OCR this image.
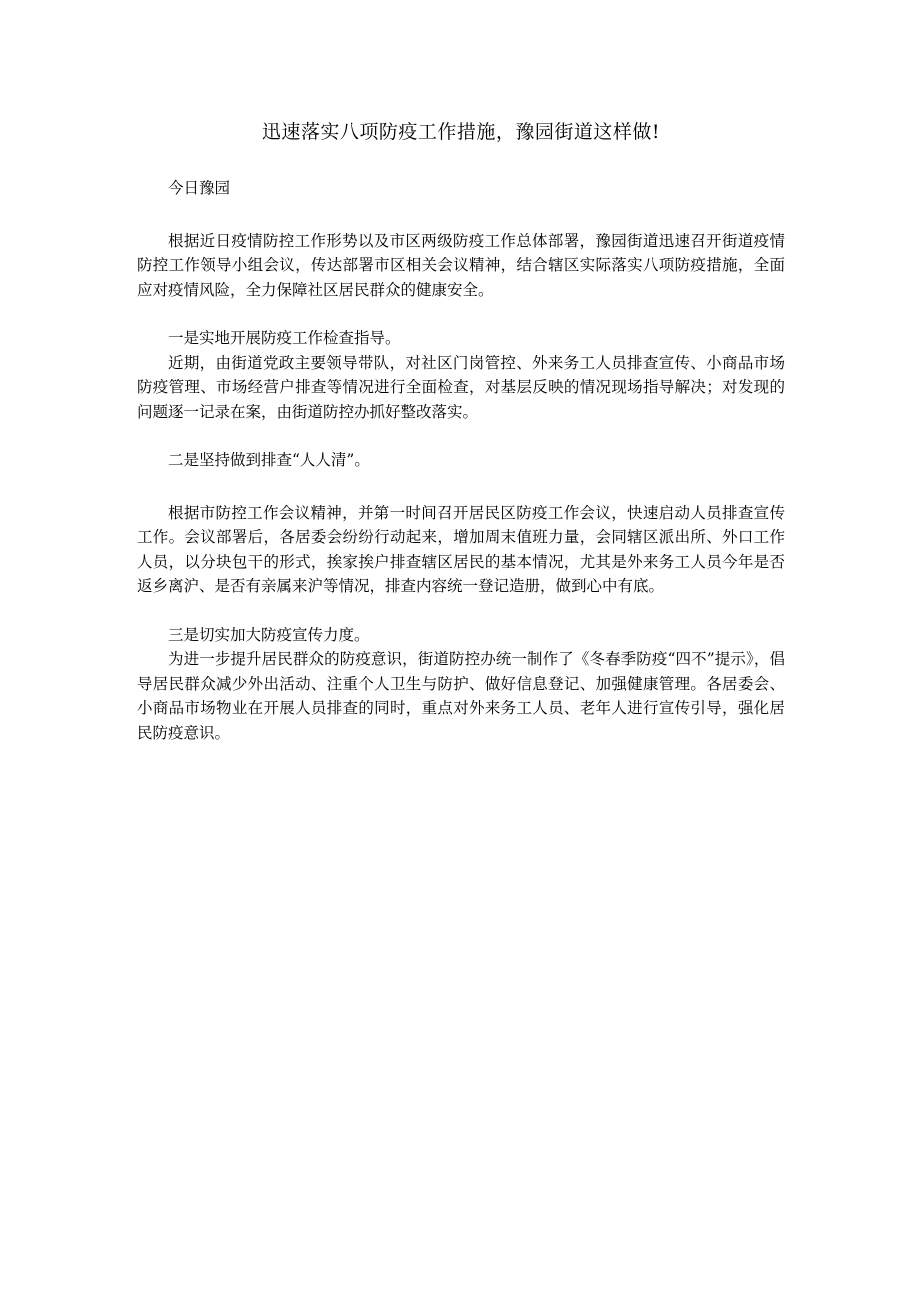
迅速落实八项防疫工作措施，豫园街道这样做!

今日豫园

根据近日疫情防控工作形势以及市区两级防疫工作总体部署，豫园街道迅速召开街道疫情防控工作领导小组会议，传达部署市区相关会议精神，结合辖区实际落实八项防疫措施，全面应对疫情风险，全力保障社区居民群众的健康安全。

一是实地开展防疫工作检查指导。

近期，由街道党政主要领导带队，对社区门岗管控、外来务工人员排查宣传、小商品市场防疫管理、市场经营户排查等情况进行全面检查，对基层反映的情况现场指导解决；对发现的问题逐一记录在案，由街道防控办抓好整改落实。

二是坚持做到排查“人人清”。

根据市防控工作会议精神，并第一时间召开居民区防疫工作会议，快速启动人员排查宣传工作。会议部署后，各居委会纷纷行动起来，增加周末值班力量，会同辖区派出所、外口工作人员，以分块包干的形式，挨家挨户排查辖区居民的基本情况，尤其是外来务工人员今年是否返乡离沪、是否有亲属来沪等情况，排查内容统一登记造册，做到心中有底。

三是切实加大防疫宣传力度。

为进一步提升居民群众的防疫意识，街道防控办统一制作了《冬春季防疫“四不”提示》，倡导居民群众减少外出活动、注重个人卫生与防护、做好信息登记、加强健康管理。各居委会、小商品市场物业在开展人员排查的同时，重点对外来务工人员、老年人进行宣传引导，强化居民防疫意识。
